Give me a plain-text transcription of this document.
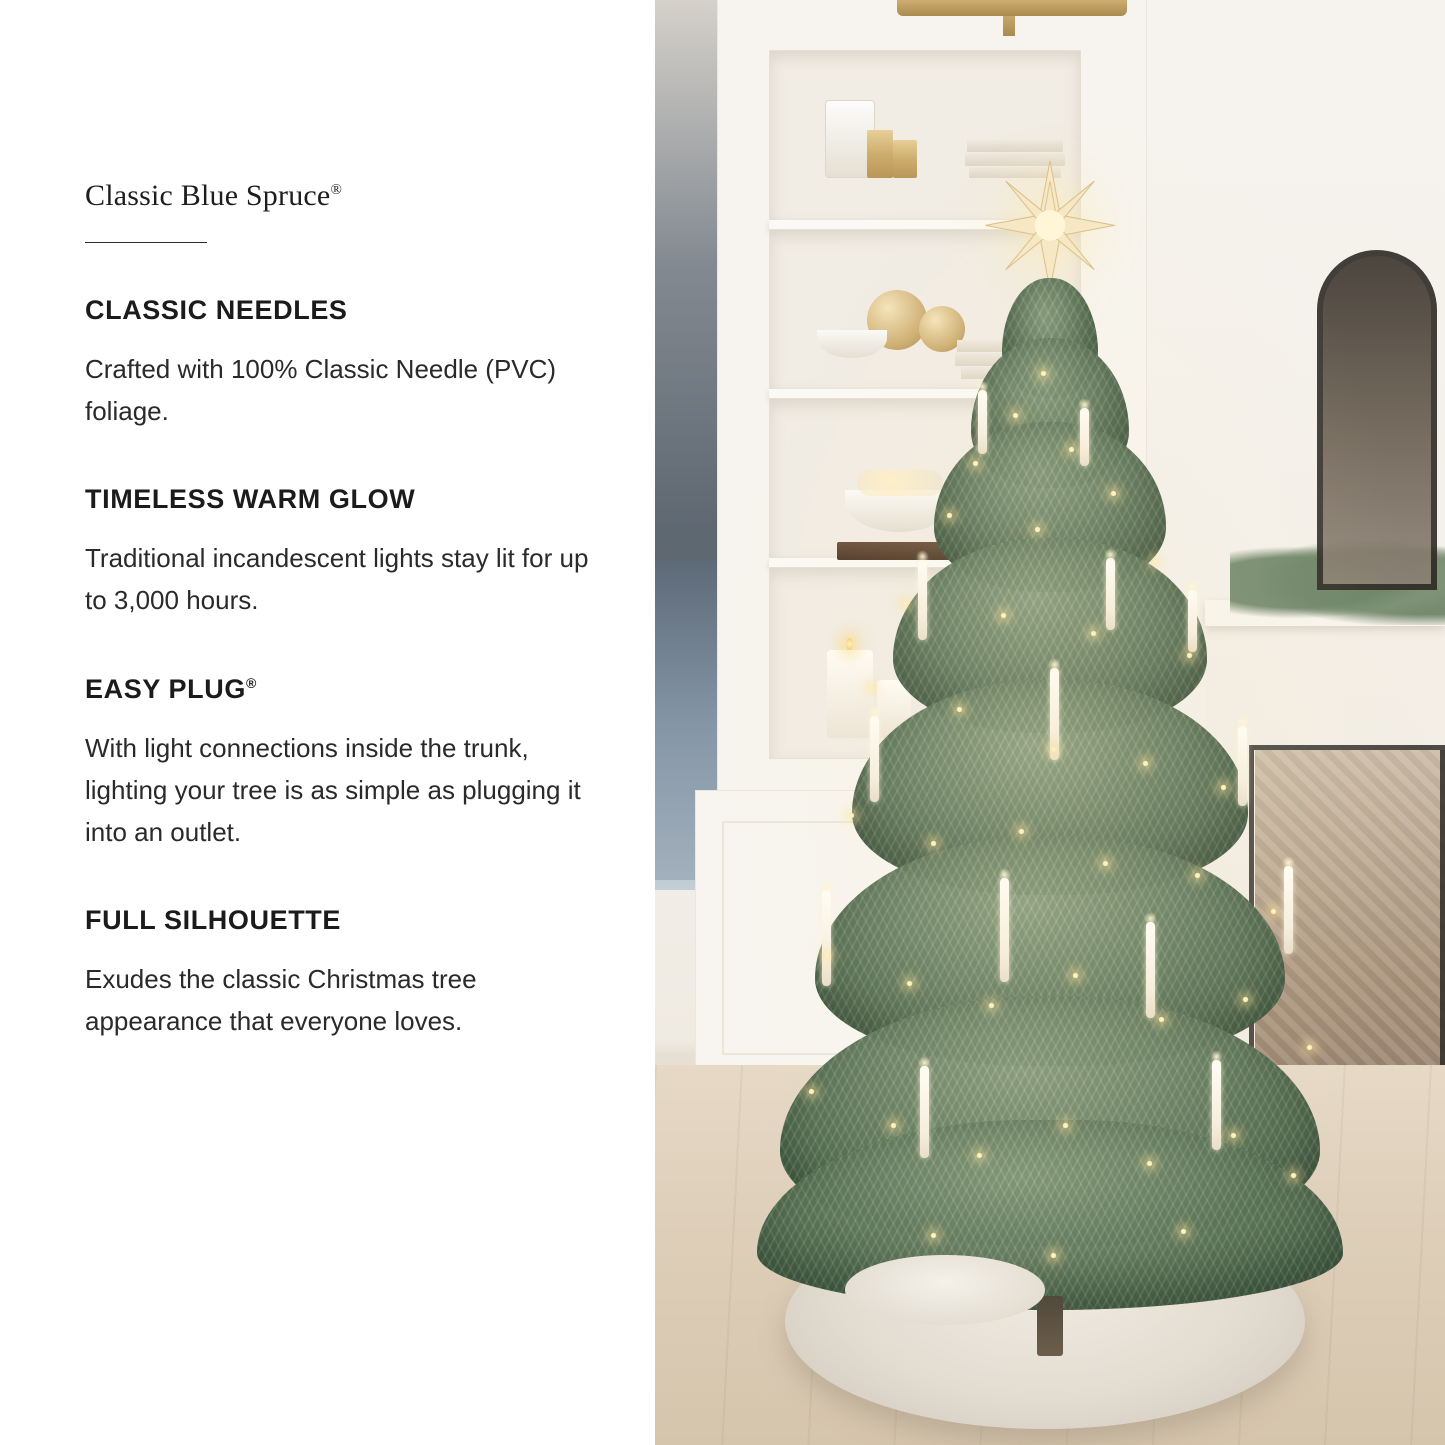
Classic Blue Spruce®
CLASSIC NEEDLES

Crafted with 100% Classic Needle (PVC) foliage.

TIMELESS WARM GLOW

Traditional incandescent lights stay lit for up to 3,000 hours.

EASY PLUG®

With light connections inside the trunk, lighting your tree is as simple as plugging it into an outlet.

FULL SILHOUETTE

Exudes the classic Christmas tree appearance that everyone loves.
